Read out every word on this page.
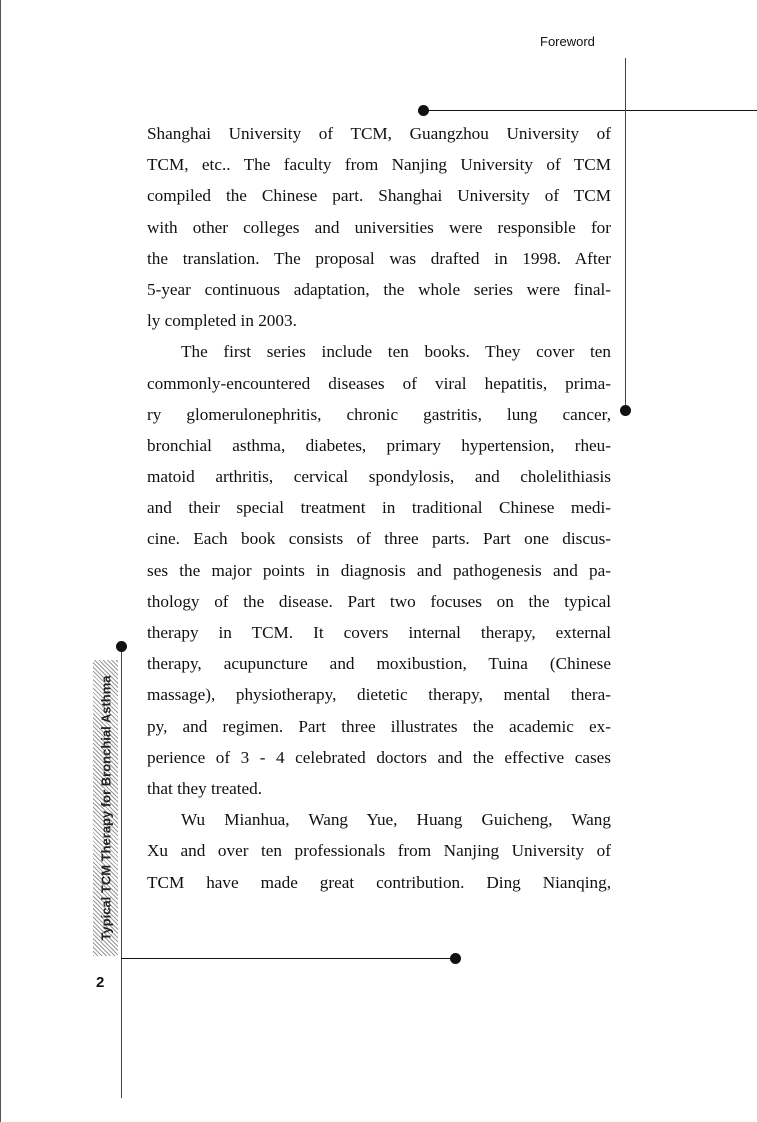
Foreword
Typical TCM Therapy for Bronchial Asthma
2
Shanghai University of TCM, Guangzhou University of
TCM, etc.. The faculty from Nanjing University of TCM
compiled the Chinese part. Shanghai University of TCM
with other colleges and universities were responsible for
the translation. The proposal was drafted in 1998. After
5-year continuous adaptation, the whole series were final-
ly completed in 2003.
The first series include ten books. They cover ten
commonly-encountered diseases of viral hepatitis, prima-
ry glomerulonephritis, chronic gastritis, lung cancer,
bronchial asthma, diabetes, primary hypertension, rheu-
matoid arthritis, cervical spondylosis, and cholelithiasis
and their special treatment in traditional Chinese medi-
cine. Each book consists of three parts. Part one discus-
ses the major points in diagnosis and pathogenesis and pa-
thology of the disease. Part two focuses on the typical
therapy in TCM. It covers internal therapy, external
therapy, acupuncture and moxibustion, Tuina (Chinese
massage), physiotherapy, dietetic therapy, mental thera-
py, and regimen. Part three illustrates the academic ex-
perience of 3 - 4 celebrated doctors and the effective cases
that they treated.
Wu Mianhua, Wang Yue, Huang Guicheng, Wang
Xu and over ten professionals from Nanjing University of
TCM have made great contribution. Ding Nianqing,
